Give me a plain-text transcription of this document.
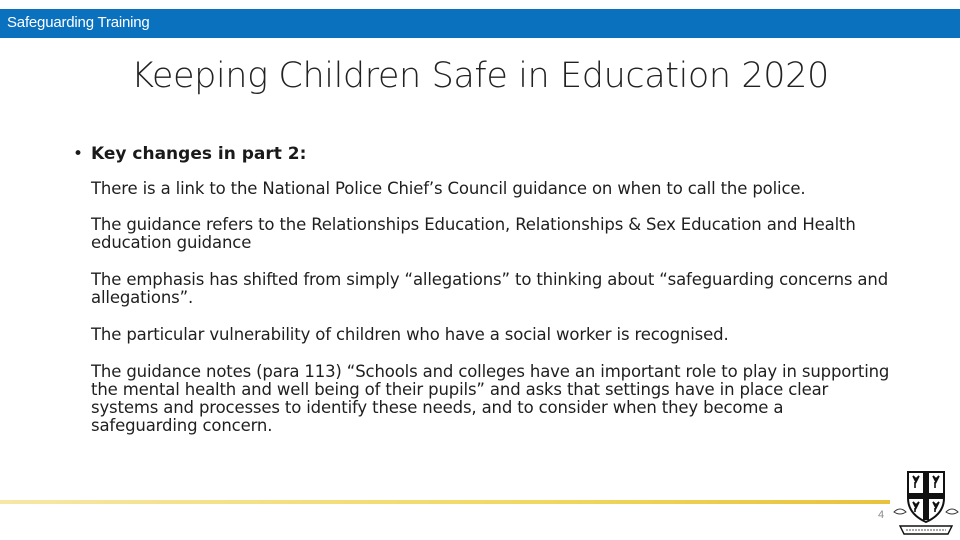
Safeguarding Training
Keeping Children Safe in Education 2020
• Key changes in part 2:
There is a link to the National Police Chief’s Council guidance on when to call the police.
The guidance refers to the Relationships Education, Relationships & Sex Education and Health education guidance
The emphasis has shifted from simply “allegations” to thinking about “safeguarding concerns and allegations”.
The particular vulnerability of children who have a social worker is recognised.
The guidance notes (para 113) “Schools and colleges have an important role to play in supporting the mental health and well being of their pupils” and asks that settings have in place clear systems and processes to identify these needs, and to consider when they become a safeguarding concern.
4
